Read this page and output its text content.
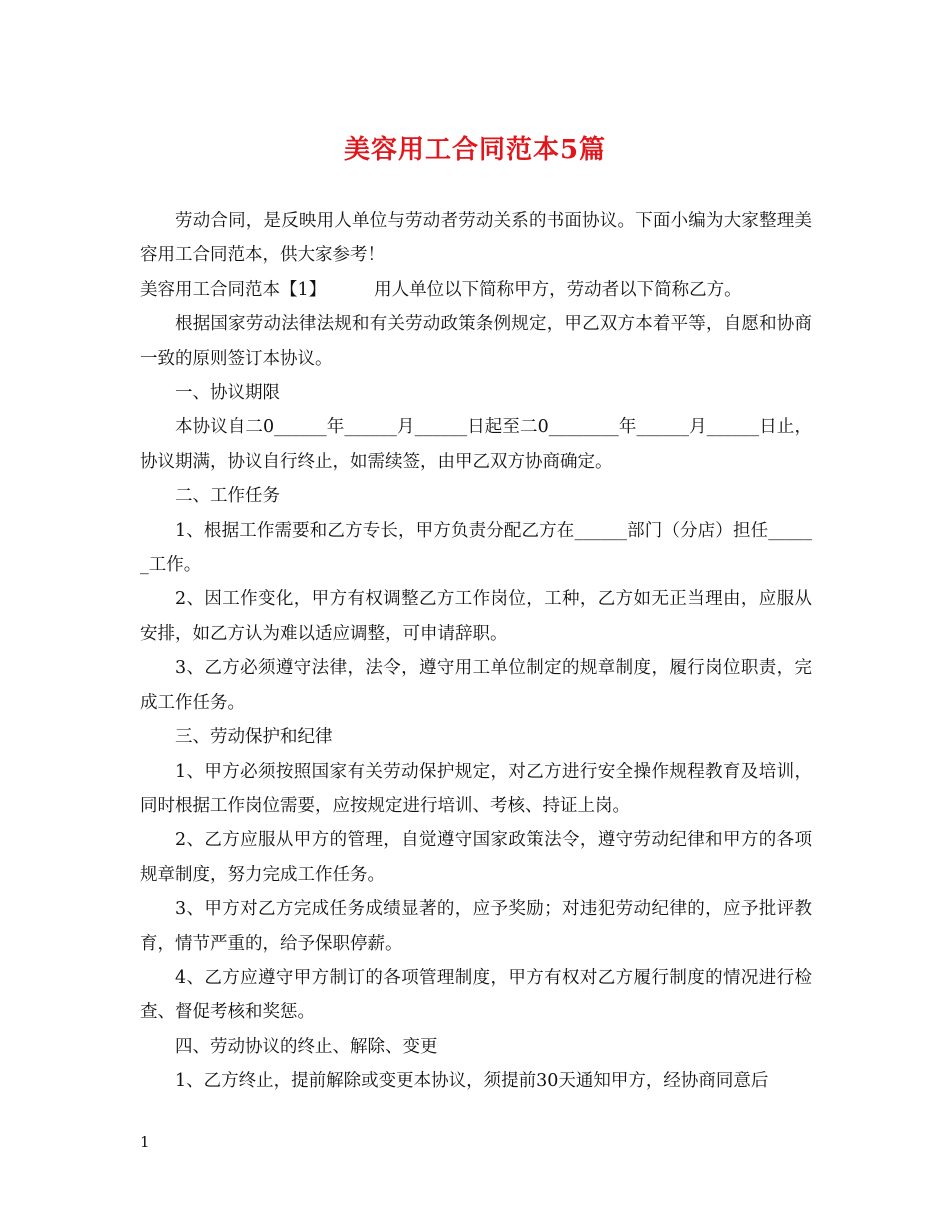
美容用工合同范本5篇

劳动合同，是反映用人单位与劳动者劳动关系的书面协议。下面小编为大家整理美容用工合同范本，供大家参考！

美容用工合同范本【1】	用人单位以下简称甲方，劳动者以下简称乙方。

根据国家劳动法律法规和有关劳动政策条例规定，甲乙双方本着平等，自愿和协商一致的原则签订本协议。

一、协议期限

本协议自二0______年______月______日起至二0________年______月______日止，协议期满，协议自行终止，如需续签，由甲乙双方协商确定。

二、工作任务

1、根据工作需要和乙方专长，甲方负责分配乙方在______部门（分店）担任______工作。

2、因工作变化，甲方有权调整乙方工作岗位，工种，乙方如无正当理由，应服从安排，如乙方认为难以适应调整，可申请辞职。

3、乙方必须遵守法律，法令，遵守用工单位制定的规章制度，履行岗位职责，完成工作任务。

三、劳动保护和纪律

1、甲方必须按照国家有关劳动保护规定，对乙方进行安全操作规程教育及培训，同时根据工作岗位需要，应按规定进行培训、考核、持证上岗。

2、乙方应服从甲方的管理，自觉遵守国家政策法令，遵守劳动纪律和甲方的各项规章制度，努力完成工作任务。

3、甲方对乙方完成任务成绩显著的，应予奖励；对违犯劳动纪律的，应予批评教育，情节严重的，给予保职停薪。

4、乙方应遵守甲方制订的各项管理制度，甲方有权对乙方履行制度的情况进行检查、督促考核和奖惩。

四、劳动协议的终止、解除、变更

1、乙方终止，提前解除或变更本协议，须提前30天通知甲方，经协商同意后

1
